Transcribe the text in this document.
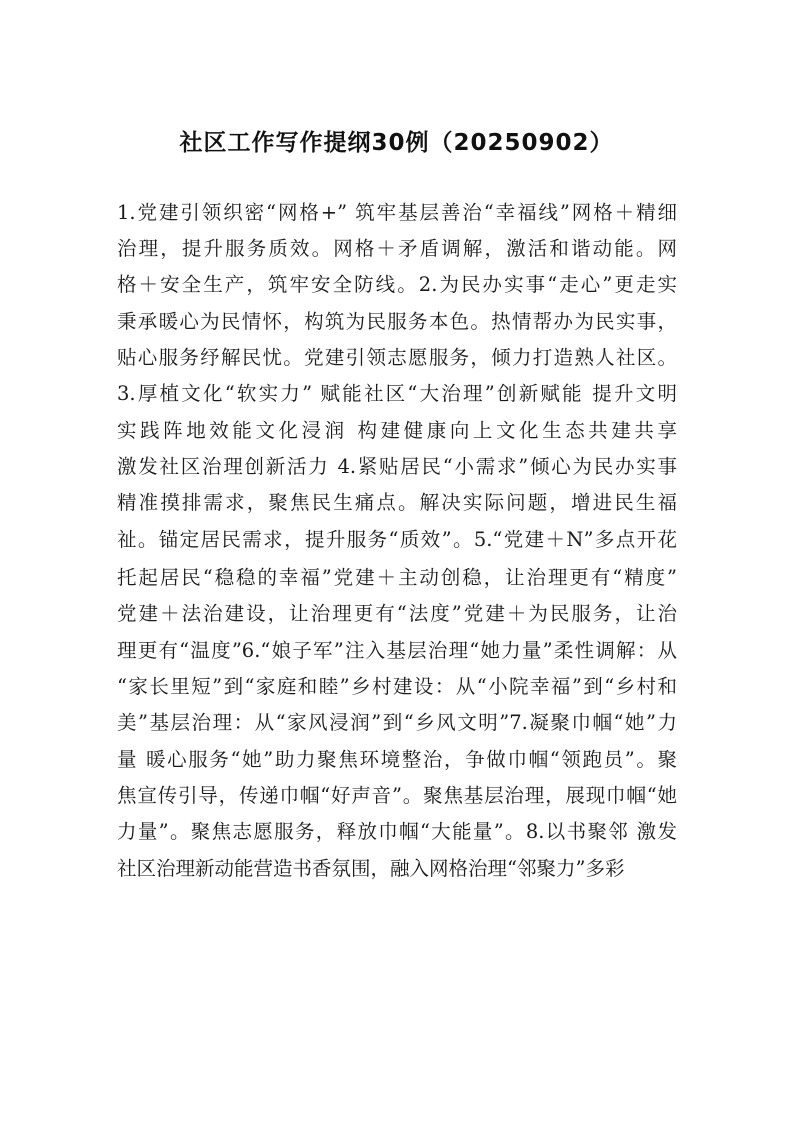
社区工作写作提纲30例（20250902）

1.党建引领织密“网格+” 筑牢基层善治“幸福线”网格＋精细

治理，提升服务质效。网格＋矛盾调解，激活和谐动能。网

格＋安全生产，筑牢安全防线。2.为民办实事“走心”更走实

秉承暖心为民情怀，构筑为民服务本色。热情帮办为民实事，

贴心服务纾解民忧。党建引领志愿服务，倾力打造熟人社区。

3.厚植文化“软实力” 赋能社区“大治理”创新赋能 提升文明

实践阵地效能文化浸润 构建健康向上文化生态共建共享

激发社区治理创新活力 4.紧贴居民“小需求”倾心为民办实事

精准摸排需求，聚焦民生痛点。解决实际问题，增进民生福

祉。锚定居民需求，提升服务“质效”。5.“党建＋N”多点开花

托起居民“稳稳的幸福”党建＋主动创稳，让治理更有“精度”

党建＋法治建设，让治理更有“法度”党建＋为民服务，让治

理更有“温度”6.“娘子军”注入基层治理“她力量”柔性调解：从

“家长里短”到“家庭和睦”乡村建设：从“小院幸福”到“乡村和

美”基层治理：从“家风浸润”到“乡风文明”7.凝聚巾帼“她”力

量 暖心服务“她”助力聚焦环境整治，争做巾帼“领跑员”。聚

焦宣传引导，传递巾帼“好声音”。聚焦基层治理，展现巾帼“她

力量”。聚焦志愿服务，释放巾帼“大能量”。8.以书聚邻 激发

社区治理新动能营造书香氛围，融入网格治理“邻聚力”多彩
